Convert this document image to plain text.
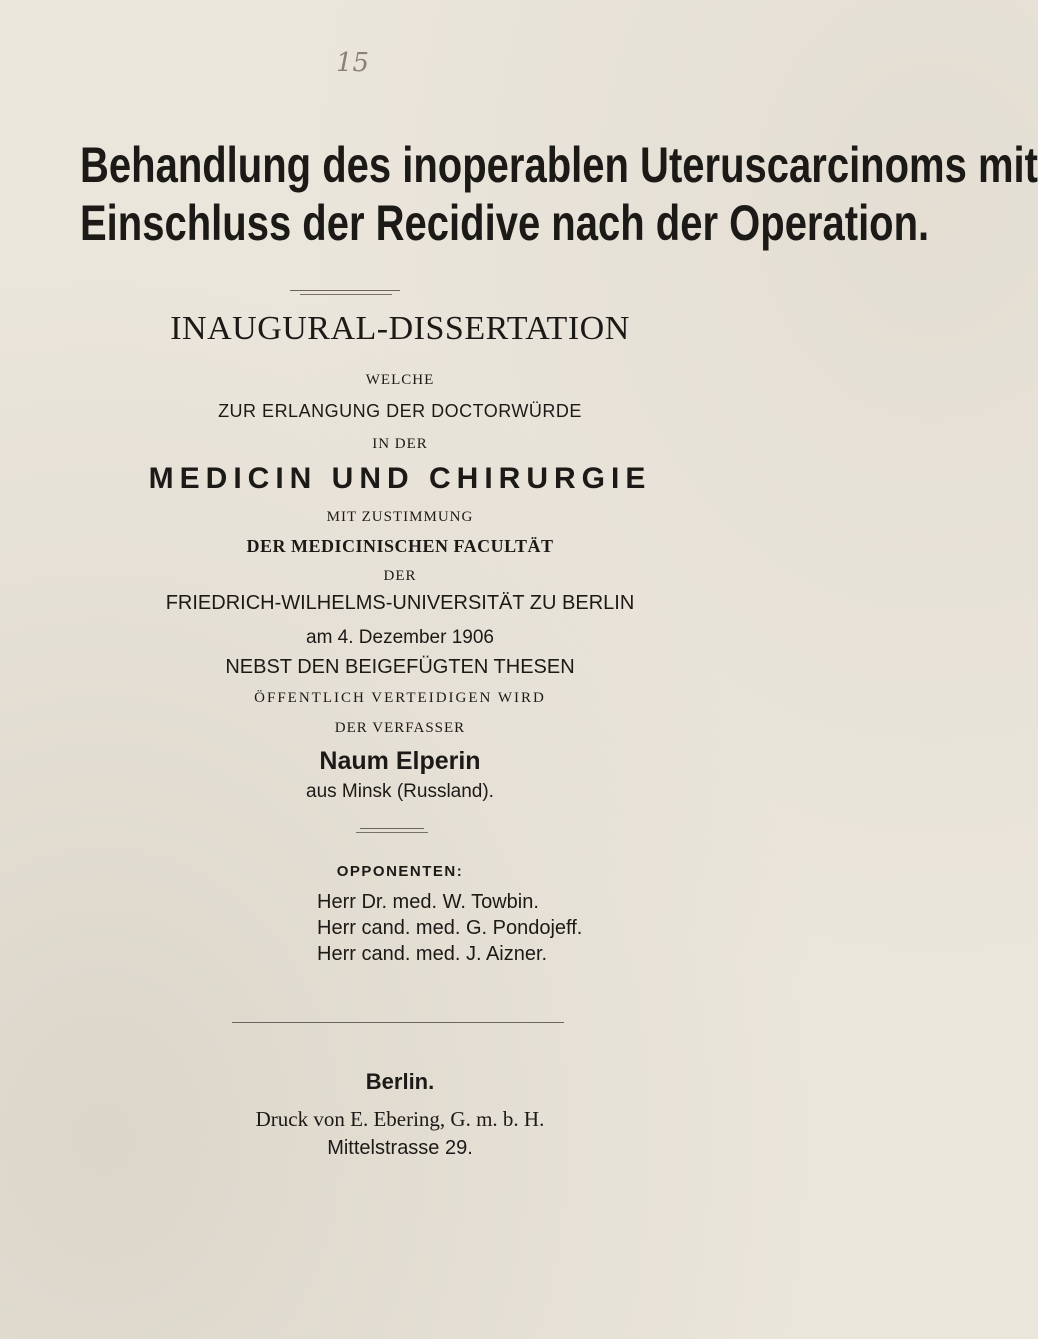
15
Behandlung des inoperablen Uteruscarcinoms mit
Einschluss der Recidive nach der Operation.
INAUGURAL-DISSERTATION
WELCHE
ZUR ERLANGUNG DER DOCTORWÜRDE
IN DER
MEDICIN UND CHIRURGIE
MIT ZUSTIMMUNG
DER MEDICINISCHEN FACULTÄT
DER
FRIEDRICH-WILHELMS-UNIVERSITÄT ZU BERLIN
am 4. Dezember 1906
NEBST DEN BEIGEFÜGTEN THESEN
ÖFFENTLICH VERTEIDIGEN WIRD
DER VERFASSER
Naum Elperin
aus Minsk (Russland).
OPPONENTEN:
Herr Dr. med. W. Towbin.
Herr cand. med. G. Pondojeff.
Herr cand. med. J. Aizner.
Berlin.
Druck von E. Ebering, G. m. b. H.
Mittelstrasse 29.
